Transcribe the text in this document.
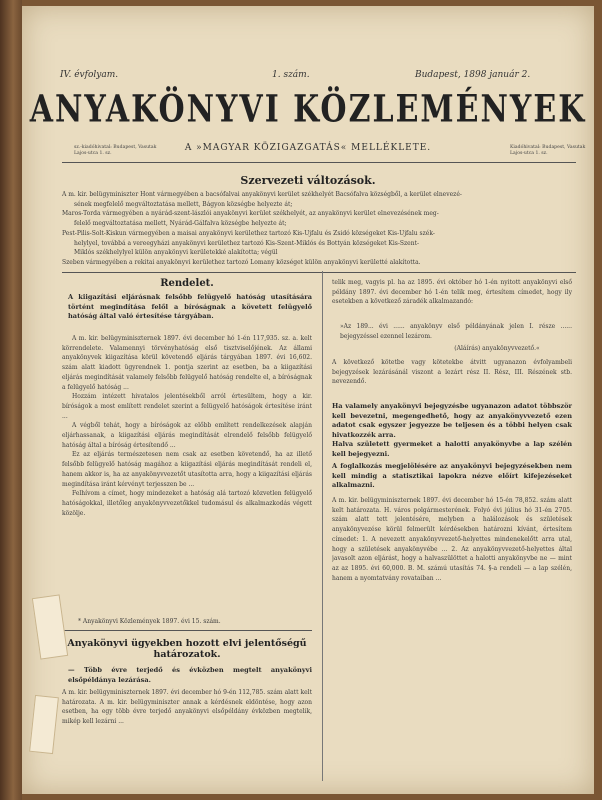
IV. évfolyam.	1. szám.	Budapest, 1898 január 2.
ANYAKÖNYVI KÖZLEMÉNYEK
sz.-kiadóhivatal: Budapest, Vasutak Lajos-utca 1. sz.
A »MAGYAR KÖZIGAZGATÁS« MELLÉKLETE.	Kiadóhivatal: Budapest, Vasutak Lajos-utca 1. sz.
Szervezeti változások.

A m. kir. belügyminiszter Hont vármegyében a bacsófalvai anyakönyvi kerület székhelyét Bacsófalva községből, a kerület elnevezé-

sének megfelelő megváltoztatása mellett, Bágyon községbe helyezte át;

Maros-Torda vármegyében a nyárád-szent-lászlói anyakönyvi kerület székhelyét, az anyakönyvi kerület elnevezésének meg-

felelő megváltoztatása mellett, Nyárád-Gálfalva községbe helyezte át;

Pest-Pilis-Solt-Kiskun vármegyében a maisai anyakönyvi kerülethez tartozó Kis-Ujfalu és Zsidó községeket Kis-Ujfalu szék-

helylyel, továbbá a vereegyházi anyakönyvi kerülethez tartozó Kis-Szent-Miklós és Bottyán községeket Kis-Szent-

Miklós székhelylyel külön anyakönyvi kerületekké alakította; végül

Szeben vármegyében a rekitai anyakönyvi kerülethez tartozó Lomany községet külön anyakönyvi kerületté alakította.

Rendelet.
A kiigazítási eljárásnak felsőbb felügyelő hatóság utasítására történt megindítása felől a bíróságnak a követett felügyelő hatóság által való értesítése tárgyában.

A m. kir. belügyminiszternek 1897. évi december hó 1-én 117,935. sz. a. kelt körrendelete. Valamennyi törvényhatóság első tisztviselőjének. Az állami anyakönyvek kiigazítása körül követendő eljárás tárgyában 1897. évi 16,602. szám alatt kiadott ügyrendnek 1. pontja szerint az esetben, ba a kiigazítási eljárás megindítását valamely felsőbb felügyelő hatóság rendelte el, a bíróságnak a felügyelő hatóság ...

Hozzám intézett hivatalos jelentésekből arról értesültem, hogy a kir. bíróságok a most említett rendelet szerint a felügyelő hatóságok értesítése iránt ...

A végből tehát, hogy a bíróságok az előbb említett rendelkezések alapján eljárhassanak, a kiigazítási eljárás megindítását elrendelő felsőbb felügyelő hatóság által a bíróság értesítendő ...

Ez az eljárás természetesen nem csak az esetben követendő, ha az illető felsőbb felügyelő hatóság magához a kiigazítási eljárás megindítását rendeli el, hanem akkor is, ha az anyakönyvvezetőt utasította arra, hogy a kiigazítási eljárás megindítása iránt kérvényt terjesszen be ...

Felhívom a címet, hogy mindezeket a hatóság alá tartozó közvetlen felügyelő hatóságokkal, illetőleg anyakönyvvezetőkkel tudomásul és alkalmazkodás végett közölje.

* Anyakönyvi Közlemények 1897. évi 15. szám.
Anyakönyvi ügyekben hozott elvi jelentőségű határozatok.
— Több évre terjedő és évközben megtelt anyakönyvi elsőpéldánya lezárása.
A m. kir. belügyminiszternek 1897. évi december hó 9-én 112,785. szám alatt kelt határozata. A m. kir. belügyminiszter annak a kérdésnek eldöntése, hogy azon esetben, ha egy több évre terjedő anyakönyvi elsőpéldány évközben megtelik, mikép kell lezárni ...
telik meg, vagyis pl. ha az 1895. évi október hó 1-én nyitott anyakönyvi első példány 1897. évi december hó 1-én telik meg, értesítem címedet, hogy ily esetekben a következő záradék alkalmazandó:
»Az 189... évi ...... anyakönyv első példányának jelen I. része ...... bejegyzéssel ezennel lezárom.
(Aláírás) anyakönyvvezető.«
A következő kötetbe vagy kötetekbe átvitt ugyanazon évfolyambeli bejegyzések lezárásánál viszont a lezárt rész II. Rész, III. Részének stb. nevezendő.
Ha valamely anyakönyvi bejegyzésbe ugyanazon adatot többször kell bevezetni, megengedhető, hogy az anyakönyvvezető ezen adatot csak egyszer jegyezze be teljesen és a többi helyen csak hivatkozzék arra.
Halva született gyermeket a halotti anyakönyvbe a lap szélén kell bejegyezni.
A foglalkozás megjelölésére az anyakönyvi bejegyzésekben nem kell mindig a statisztikai lapokra nézve előírt kifejezéseket alkalmazni.
A m. kir. belügyminiszternek 1897. évi december hó 15-én 78,852. szám alatt kelt határozata. H. város polgármesterének. Folyó évi július hó 31-én 2705. szám alatt tett jelentésére, melyben a halálozások és születések anyakönyvezése körül felmerült kérdésekben határozni kívánt, értesítem címedet: 1. A nevezett anyakönyvvezető-helyettes mindenekelőtt arra utal, hogy a születések anyakönyvébe ... 2. Az anyakönyvvezető-helyettes által javasolt azon eljárást, hogy a halvaszülöttet a halotti anyakönyvbe ne — mint az az 1895. évi 60,000. B. M. számú utasítás 74. §-a rendeli — a lap szélén, hanem a nyomtatvány rovataiban ...
